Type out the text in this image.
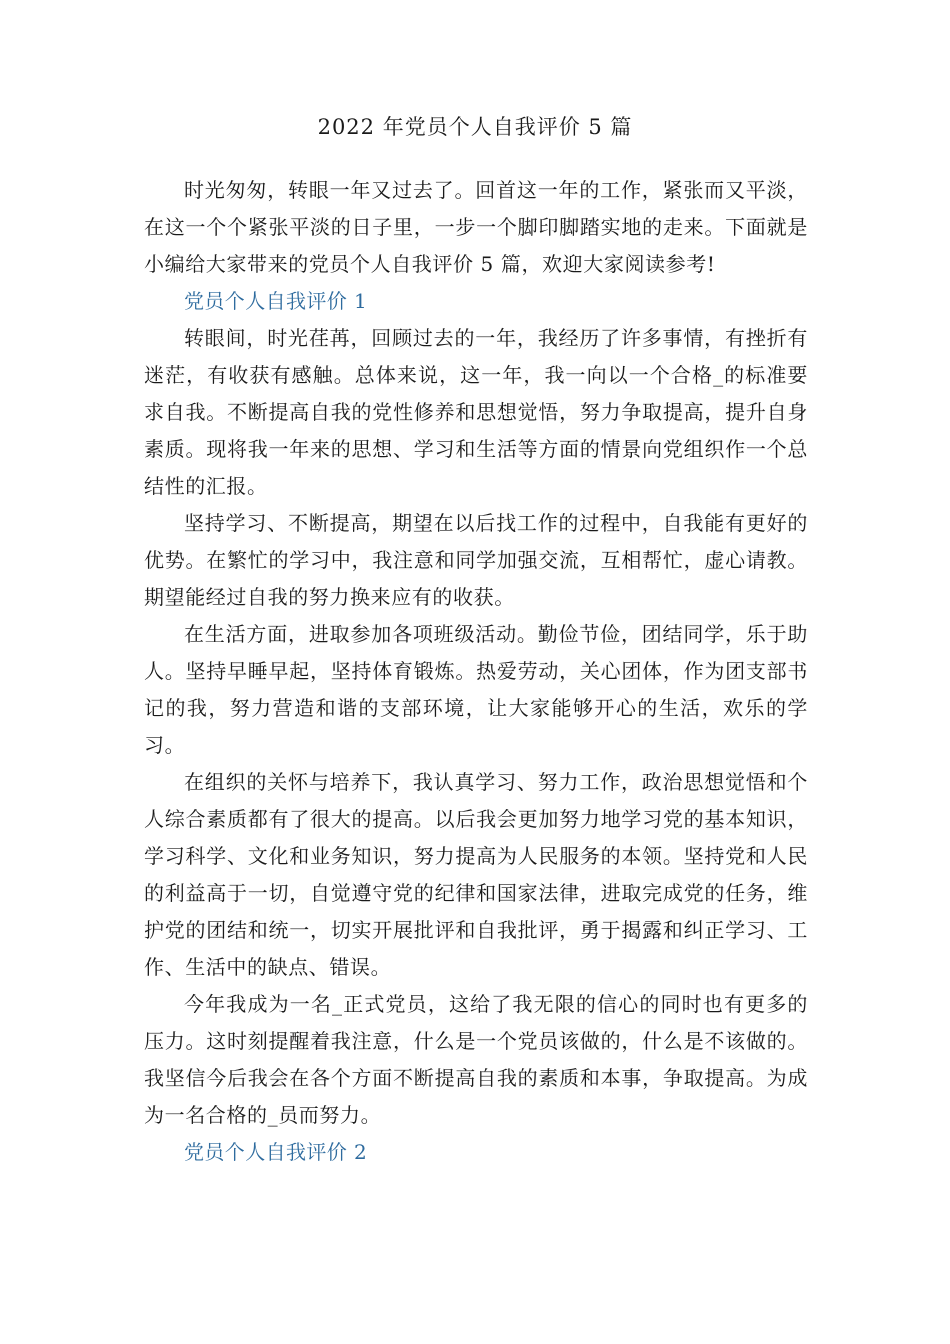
2022 年党员个人自我评价 5 篇

时光匆匆，转眼一年又过去了。回首这一年的工作，紧张而又平淡，在这一个个紧张平淡的日子里，一步一个脚印脚踏实地的走来。下面就是小编给大家带来的党员个人自我评价 5 篇，欢迎大家阅读参考!

党员个人自我评价 1

转眼间，时光荏苒，回顾过去的一年，我经历了许多事情，有挫折有迷茫，有收获有感触。总体来说，这一年，我一向以一个合格_的标准要求自我。不断提高自我的党性修养和思想觉悟，努力争取提高，提升自身素质。现将我一年来的思想、学习和生活等方面的情景向党组织作一个总结性的汇报。

坚持学习、不断提高，期望在以后找工作的过程中，自我能有更好的优势。在繁忙的学习中，我注意和同学加强交流，互相帮忙，虚心请教。期望能经过自我的努力换来应有的收获。

在生活方面，进取参加各项班级活动。勤俭节俭，团结同学，乐于助人。坚持早睡早起，坚持体育锻炼。热爱劳动，关心团体，作为团支部书记的我，努力营造和谐的支部环境，让大家能够开心的生活，欢乐的学习。

在组织的关怀与培养下，我认真学习、努力工作，政治思想觉悟和个人综合素质都有了很大的提高。以后我会更加努力地学习党的基本知识，学习科学、文化和业务知识，努力提高为人民服务的本领。坚持党和人民的利益高于一切，自觉遵守党的纪律和国家法律，进取完成党的任务，维护党的团结和统一，切实开展批评和自我批评，勇于揭露和纠正学习、工作、生活中的缺点、错误。

今年我成为一名_正式党员，这给了我无限的信心的同时也有更多的压力。这时刻提醒着我注意，什么是一个党员该做的，什么是不该做的。我坚信今后我会在各个方面不断提高自我的素质和本事，争取提高。为成为一名合格的_员而努力。

党员个人自我评价 2
